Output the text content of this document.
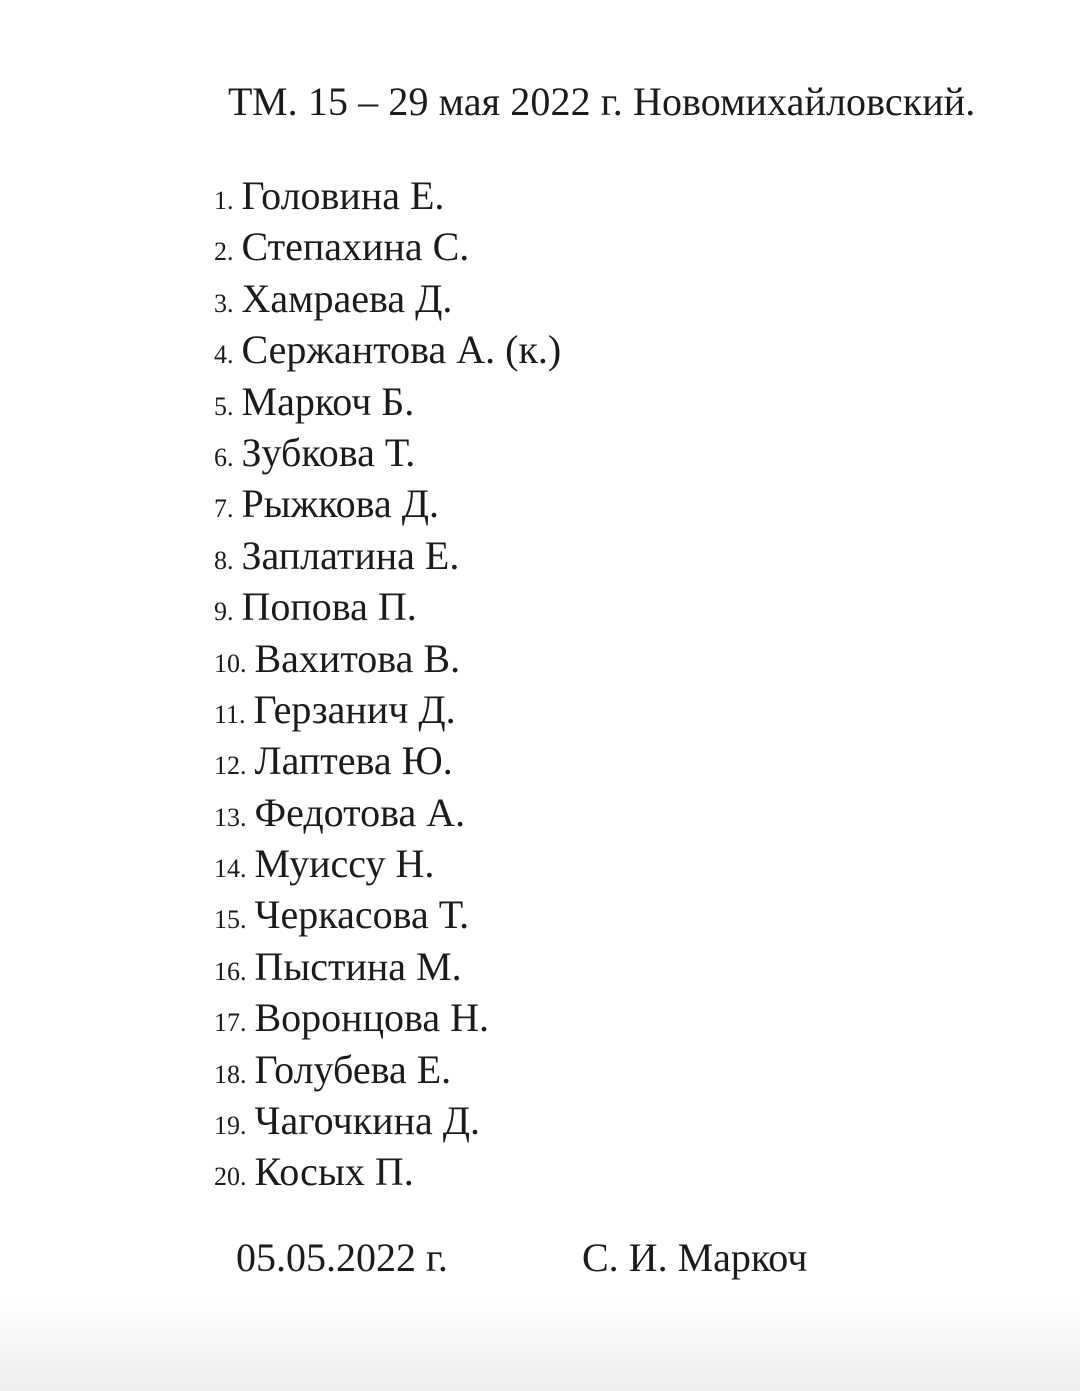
ТМ. 15 – 29 мая 2022 г. Новомихайловский.
1. Головина Е.
2. Степахина С.
3. Хамраева Д.
4. Сержантова А. (к.)
5. Маркоч Б.
6. Зубкова Т.
7. Рыжкова Д.
8. Заплатина Е.
9. Попова П.
10. Вахитова В.
11. Герзанич Д.
12. Лаптева Ю.
13. Федотова А.
14. Муиссу Н.
15. Черкасова Т.
16. Пыстина М.
17. Воронцова Н.
18. Голубева Е.
19. Чагочкина Д.
20. Косых П.
05.05.2022 г.	С. И. Маркоч
